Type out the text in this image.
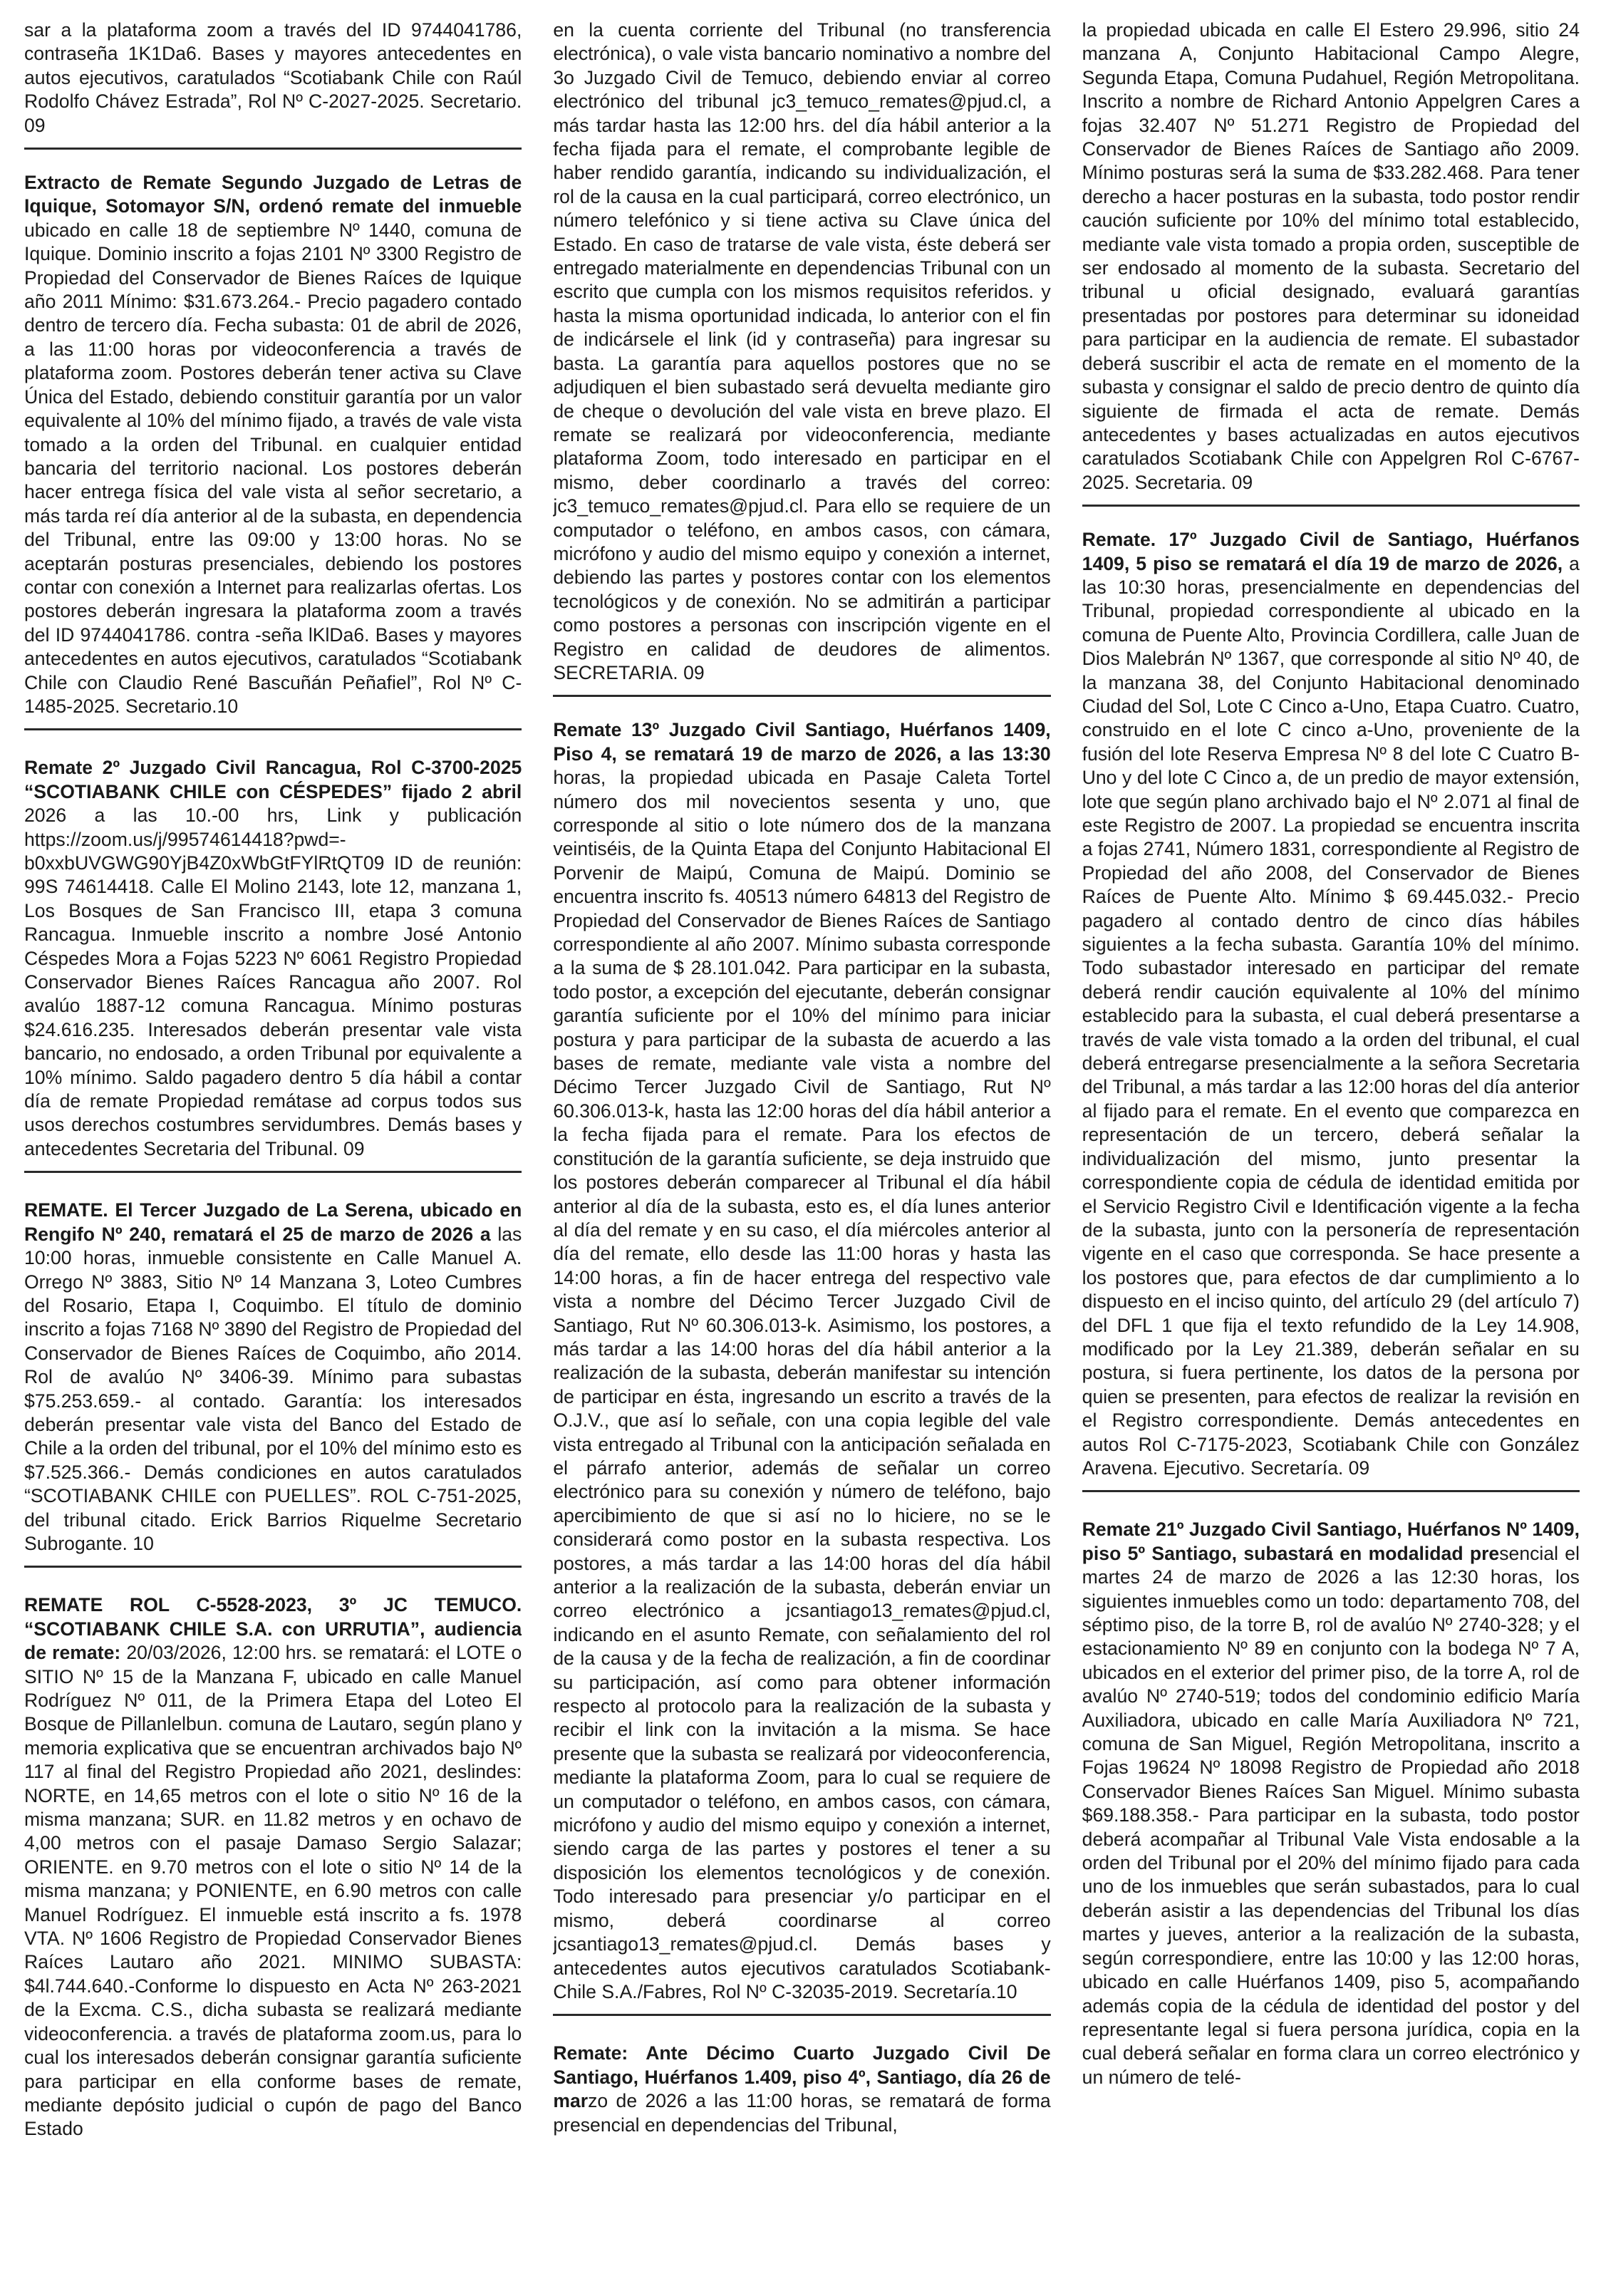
sar a la plataforma zoom a través del ID 9744041786, contraseña 1K1Da6. Bases y mayores antecedentes en autos ejecutivos, caratulados “Scotiabank Chile con Raúl Rodolfo Chávez Estrada”, Rol Nº C-2027-2025. Secretario. 09

Extracto de Remate Segundo Juzgado de Letras de Iquique, Sotomayor S/N, ordenó remate del inmueble ubicado en calle 18 de septiembre Nº 1440, comuna de Iquique. Dominio inscrito a fojas 2101 Nº 3300 Registro de Propiedad del Conservador de Bienes Raíces de Iquique año 2011 Mínimo: $31.673.264.- Precio pagadero contado dentro de tercero día. Fecha subasta: 01 de abril de 2026, a las 11:00 horas por videoconferencia a través de plataforma zoom. Postores deberán tener activa su Clave Única del Estado, debiendo constituir garantía por un valor equivalente al 10% del mínimo fijado, a través de vale vista tomado a la orden del Tribunal. en cualquier entidad bancaria del territorio nacional. Los postores deberán hacer entrega física del vale vista al señor secretario, a más tarda reí día anterior al de la subasta, en dependencia del Tribunal, entre las 09:00 y 13:00 horas. No se aceptarán posturas presenciales, debiendo los postores contar con conexión a Internet para realizarlas ofertas. Los postores deberán ingresara la plataforma zoom a través del ID 9744041786. contra -seña lKlDa6. Bases y mayores antecedentes en autos ejecutivos, caratulados “Scotiabank Chile con Claudio René Bascuñán Peñafiel”, Rol Nº C-1485-2025. Secretario.10

Remate 2º Juzgado Civil Rancagua, Rol C-3700-2025 “SCOTIABANK CHILE con CÉSPEDES” fijado 2 abril 2026 a las 10.-00 hrs, Link y publicación https://zoom.us/j/99574614418?pwd=-b0xxbUVGWG90YjB4Z0xWbGtFYlRtQT09 ID de reunión: 99S 74614418. Calle El Molino 2143, lote 12, manzana 1, Los Bosques de San Francisco III, etapa 3 comuna Rancagua. Inmueble inscrito a nombre José Antonio Céspedes Mora a Fojas 5223 Nº 6061 Registro Propiedad Conservador Bienes Raíces Rancagua año 2007. Rol avalúo 1887-12 comuna Rancagua. Mínimo posturas $24.616.235. Interesados deberán presentar vale vista bancario, no endosado, a orden Tribunal por equivalente a 10% mínimo. Saldo pagadero dentro 5 día hábil a contar día de remate Propiedad remátase ad corpus todos sus usos derechos costumbres servidumbres. Demás bases y antecedentes Secretaria del Tribunal. 09

REMATE. El Tercer Juzgado de La Serena, ubicado en Rengifo Nº 240, rematará el 25 de marzo de 2026 a las 10:00 horas, inmueble consistente en Calle Manuel A. Orrego Nº 3883, Sitio Nº 14 Manzana 3, Loteo Cumbres del Rosario, Etapa I, Coquimbo. El título de dominio inscrito a fojas 7168 Nº 3890 del Registro de Propiedad del Conservador de Bienes Raíces de Coquimbo, año 2014. Rol de avalúo Nº 3406-39. Mínimo para subastas $75.253.659.- al contado. Garantía: los interesados deberán presentar vale vista del Banco del Estado de Chile a la orden del tribunal, por el 10% del mínimo esto es $7.525.366.- Demás condiciones en autos caratulados “SCOTIABANK CHILE con PUELLES”. ROL C-751-2025, del tribunal citado. Erick Barrios Riquelme Secretario Subrogante. 10

REMATE ROL C-5528-2023, 3º JC TEMUCO. “SCOTIABANK CHILE S.A. con URRUTIA”, audiencia de remate: 20/03/2026, 12:00 hrs. se rematará: el LOTE o SITIO Nº 15 de la Manzana F, ubicado en calle Manuel Rodríguez Nº 011, de la Primera Etapa del Loteo El Bosque de Pillanlelbun. comuna de Lautaro, según plano y memoria explicativa que se encuentran archivados bajo Nº 117 al final del Registro Propiedad año 2021, deslindes: NORTE, en 14,65 metros con el lote o sitio Nº 16 de la misma manzana; SUR. en 11.82 metros y en ochavo de 4,00 metros con el pasaje Damaso Sergio Salazar; ORIENTE. en 9.70 metros con el lote o sitio Nº 14 de la misma manzana; y PONIENTE, en 6.90 metros con calle Manuel Rodríguez. El inmueble está inscrito a fs. 1978 VTA. Nº 1606 Registro de Propiedad Conservador Bienes Raíces Lautaro año 2021. MINIMO SUBASTA: $4l.744.640.-Conforme lo dispuesto en Acta Nº 263-2021 de la Excma. C.S., dicha subasta se realizará mediante videoconferencia. a través de plataforma zoom.us, para lo cual los interesados deberán consignar garantía suficiente para participar en ella conforme bases de remate, mediante depósito judicial o cupón de pago del Banco Estado

en la cuenta corriente del Tribunal (no transferencia electrónica), o vale vista bancario nominativo a nombre del 3o Juzgado Civil de Temuco, debiendo enviar al correo electrónico del tribunal jc3_temuco_remates@pjud.cl, a más tardar hasta las 12:00 hrs. del día hábil anterior a la fecha fijada para el remate, el comprobante legible de haber rendido garantía, indicando su individualización, el rol de la causa en la cual participará, correo electrónico, un número telefónico y si tiene activa su Clave única del Estado. En caso de tratarse de vale vista, éste deberá ser entregado materialmente en dependencias Tribunal con un escrito que cumpla con los mismos requisitos referidos. y hasta la misma oportunidad indicada, lo anterior con el fin de indicársele el link (id y contraseña) para ingresar su basta. La garantía para aquellos postores que no se adjudiquen el bien subastado será devuelta mediante giro de cheque o devolución del vale vista en breve plazo. El remate se realizará por videoconferencia, mediante plataforma Zoom, todo interesado en participar en el mismo, deber coordinarlo a través del correo: jc3_temuco_remates@pjud.cl. Para ello se requiere de un computador o teléfono, en ambos casos, con cámara, micrófono y audio del mismo equipo y conexión a internet, debiendo las partes y postores contar con los elementos tecnológicos y de conexión. No se admitirán a participar como postores a personas con inscripción vigente en el Registro en calidad de deudores de alimentos. SECRETARIA. 09

Remate 13º Juzgado Civil Santiago, Huérfanos 1409, Piso 4, se rematará 19 de marzo de 2026, a las 13:30 horas, la propiedad ubicada en Pasaje Caleta Tortel número dos mil novecientos sesenta y uno, que corresponde al sitio o lote número dos de la manzana veintiséis, de la Quinta Etapa del Conjunto Habitacional El Porvenir de Maipú, Comuna de Maipú. Dominio se encuentra inscrito fs. 40513 número 64813 del Registro de Propiedad del Conservador de Bienes Raíces de Santiago correspondiente al año 2007. Mínimo subasta corresponde a la suma de $ 28.101.042. Para participar en la subasta, todo postor, a excepción del ejecutante, deberán consignar garantía suficiente por el 10% del mínimo para iniciar postura y para participar de la subasta de acuerdo a las bases de remate, mediante vale vista a nombre del Décimo Tercer Juzgado Civil de Santiago, Rut Nº 60.306.013-k, hasta las 12:00 horas del día hábil anterior a la fecha fijada para el remate. Para los efectos de constitución de la garantía suficiente, se deja instruido que los postores deberán comparecer al Tribunal el día hábil anterior al día de la subasta, esto es, el día lunes anterior al día del remate y en su caso, el día miércoles anterior al día del remate, ello desde las 11:00 horas y hasta las 14:00 horas, a fin de hacer entrega del respectivo vale vista a nombre del Décimo Tercer Juzgado Civil de Santiago, Rut Nº 60.306.013-k. Asimismo, los postores, a más tardar a las 14:00 horas del día hábil anterior a la realización de la subasta, deberán manifestar su intención de participar en ésta, ingresando un escrito a través de la O.J.V., que así lo señale, con una copia legible del vale vista entregado al Tribunal con la anticipación señalada en el párrafo anterior, además de señalar un correo electrónico para su conexión y número de teléfono, bajo apercibimiento de que si así no lo hiciere, no se le considerará como postor en la subasta respectiva. Los postores, a más tardar a las 14:00 horas del día hábil anterior a la realización de la subasta, deberán enviar un correo electrónico a jcsantiago13_remates@pjud.cl, indicando en el asunto Remate, con señalamiento del rol de la causa y de la fecha de realización, a fin de coordinar su participación, así como para obtener información respecto al protocolo para la realización de la subasta y recibir el link con la invitación a la misma. Se hace presente que la subasta se realizará por videoconferencia, mediante la plataforma Zoom, para lo cual se requiere de un computador o teléfono, en ambos casos, con cámara, micrófono y audio del mismo equipo y conexión a internet, siendo carga de las partes y postores el tener a su disposición los elementos tecnológicos y de conexión. Todo interesado para presenciar y/o participar en el mismo, deberá coordinarse al correo jcsantiago13_remates@pjud.cl. Demás bases y antecedentes autos ejecutivos caratulados Scotiabank-Chile S.A./Fabres, Rol Nº C-32035-2019. Secretaría.10

Remate: Ante Décimo Cuarto Juzgado Civil De Santiago, Huérfanos 1.409, piso 4º, Santiago, día 26 de marzo de 2026 a las 11:00 horas, se rematará de forma presencial en dependencias del Tribunal,

la propiedad ubicada en calle El Estero 29.996, sitio 24 manzana A, Conjunto Habitacional Campo Alegre, Segunda Etapa, Comuna Pudahuel, Región Metropolitana. Inscrito a nombre de Richard Antonio Appelgren Cares a fojas 32.407 Nº 51.271 Registro de Propiedad del Conservador de Bienes Raíces de Santiago año 2009. Mínimo posturas será la suma de $33.282.468. Para tener derecho a hacer posturas en la subasta, todo postor rendir caución suficiente por 10% del mínimo total establecido, mediante vale vista tomado a propia orden, susceptible de ser endosado al momento de la subasta. Secretario del tribunal u oficial designado, evaluará garantías presentadas por postores para determinar su idoneidad para participar en la audiencia de remate. El subastador deberá suscribir el acta de remate en el momento de la subasta y consignar el saldo de precio dentro de quinto día siguiente de firmada el acta de remate. Demás antecedentes y bases actualizadas en autos ejecutivos caratulados Scotiabank Chile con Appelgren Rol C-6767-2025. Secretaria. 09

Remate. 17º Juzgado Civil de Santiago, Huérfanos 1409, 5 piso se rematará el día 19 de marzo de 2026, a las 10:30 horas, presencialmente en dependencias del Tribunal, propiedad correspondiente al ubicado en la comuna de Puente Alto, Provincia Cordillera, calle Juan de Dios Malebrán Nº 1367, que corresponde al sitio Nº 40, de la manzana 38, del Conjunto Habitacional denominado Ciudad del Sol, Lote C Cinco a-Uno, Etapa Cuatro. Cuatro, construido en el lote C cinco a-Uno, proveniente de la fusión del lote Reserva Empresa Nº 8 del lote C Cuatro B-Uno y del lote C Cinco a, de un predio de mayor extensión, lote que según plano archivado bajo el Nº 2.071 al final de este Registro de 2007. La propiedad se encuentra inscrita a fojas 2741, Número 1831, correspondiente al Registro de Propiedad del año 2008, del Conservador de Bienes Raíces de Puente Alto. Mínimo $ 69.445.032.- Precio pagadero al contado dentro de cinco días hábiles siguientes a la fecha subasta. Garantía 10% del mínimo. Todo subastador interesado en participar del remate deberá rendir caución equivalente al 10% del mínimo establecido para la subasta, el cual deberá presentarse a través de vale vista tomado a la orden del tribunal, el cual deberá entregarse presencialmente a la señora Secretaria del Tribunal, a más tardar a las 12:00 horas del día anterior al fijado para el remate. En el evento que comparezca en representación de un tercero, deberá señalar la individualización del mismo, junto presentar la correspondiente copia de cédula de identidad emitida por el Servicio Registro Civil e Identificación vigente a la fecha de la subasta, junto con la personería de representación vigente en el caso que corresponda. Se hace presente a los postores que, para efectos de dar cumplimiento a lo dispuesto en el inciso quinto, del artículo 29 (del artículo 7) del DFL 1 que fija el texto refundido de la Ley 14.908, modificado por la Ley 21.389, deberán señalar en su postura, si fuera pertinente, los datos de la persona por quien se presenten, para efectos de realizar la revisión en el Registro correspondiente. Demás antecedentes en autos Rol C-7175-2023, Scotiabank Chile con González Aravena. Ejecutivo. Secretaría. 09

Remate 21º Juzgado Civil Santiago, Huérfanos Nº 1409, piso 5º Santiago, subastará en modalidad presencial el martes 24 de marzo de 2026 a las 12:30 horas, los siguientes inmuebles como un todo: departamento 708, del séptimo piso, de la torre B, rol de avalúo Nº 2740-328; y el estacionamiento Nº 89 en conjunto con la bodega Nº 7 A, ubicados en el exterior del primer piso, de la torre A, rol de avalúo Nº 2740-519; todos del condominio edificio María Auxiliadora, ubicado en calle María Auxiliadora Nº 721, comuna de San Miguel, Región Metropolitana, inscrito a Fojas 19624 Nº 18098 Registro de Propiedad año 2018 Conservador Bienes Raíces San Miguel. Mínimo subasta $69.188.358.- Para participar en la subasta, todo postor deberá acompañar al Tribunal Vale Vista endosable a la orden del Tribunal por el 20% del mínimo fijado para cada uno de los inmuebles que serán subastados, para lo cual deberán asistir a las dependencias del Tribunal los días martes y jueves, anterior a la realización de la subasta, según correspondiere, entre las 10:00 y las 12:00 horas, ubicado en calle Huérfanos 1409, piso 5, acompañando además copia de la cédula de identidad del postor y del representante legal si fuera persona jurídica, copia en la cual deberá señalar en forma clara un correo electrónico y un número de telé-
